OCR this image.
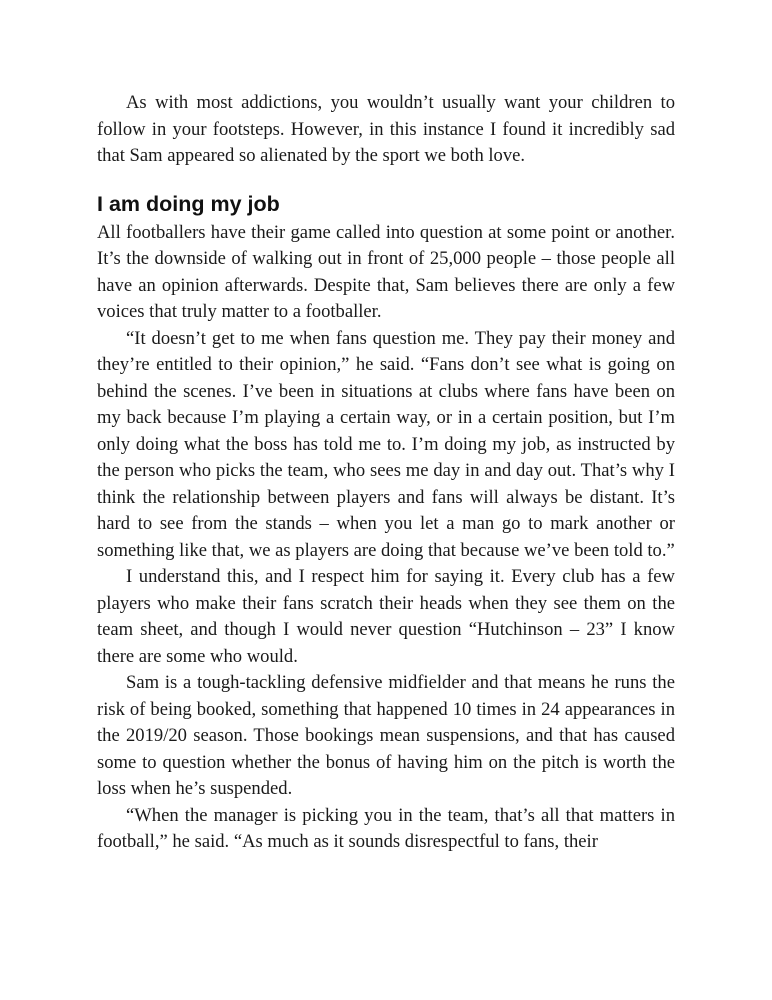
As with most addictions, you wouldn’t usually want your children to follow in your footsteps. However, in this instance I found it incredibly sad that Sam appeared so alienated by the sport we both love.

I am doing my job

All footballers have their game called into question at some point or another. It’s the downside of walking out in front of 25,000 people – those people all have an opinion afterwards. Despite that, Sam believes there are only a few voices that truly matter to a footballer.

“It doesn’t get to me when fans question me. They pay their money and they’re entitled to their opinion,” he said. “Fans don’t see what is going on behind the scenes. I’ve been in situations at clubs where fans have been on my back because I’m playing a certain way, or in a certain position, but I’m only doing what the boss has told me to. I’m doing my job, as instructed by the person who picks the team, who sees me day in and day out. That’s why I think the relationship between players and fans will always be distant. It’s hard to see from the stands – when you let a man go to mark another or something like that, we as players are doing that because we’ve been told to.”

I understand this, and I respect him for saying it. Every club has a few players who make their fans scratch their heads when they see them on the team sheet, and though I would never question “Hutchinson – 23” I know there are some who would.

Sam is a tough-tackling defensive midfielder and that means he runs the risk of being booked, something that happened 10 times in 24 appearances in the 2019/20 season. Those bookings mean suspensions, and that has caused some to question whether the bonus of having him on the pitch is worth the loss when he’s suspended.

“When the manager is picking you in the team, that’s all that matters in football,” he said. “As much as it sounds disrespectful to fans, their
